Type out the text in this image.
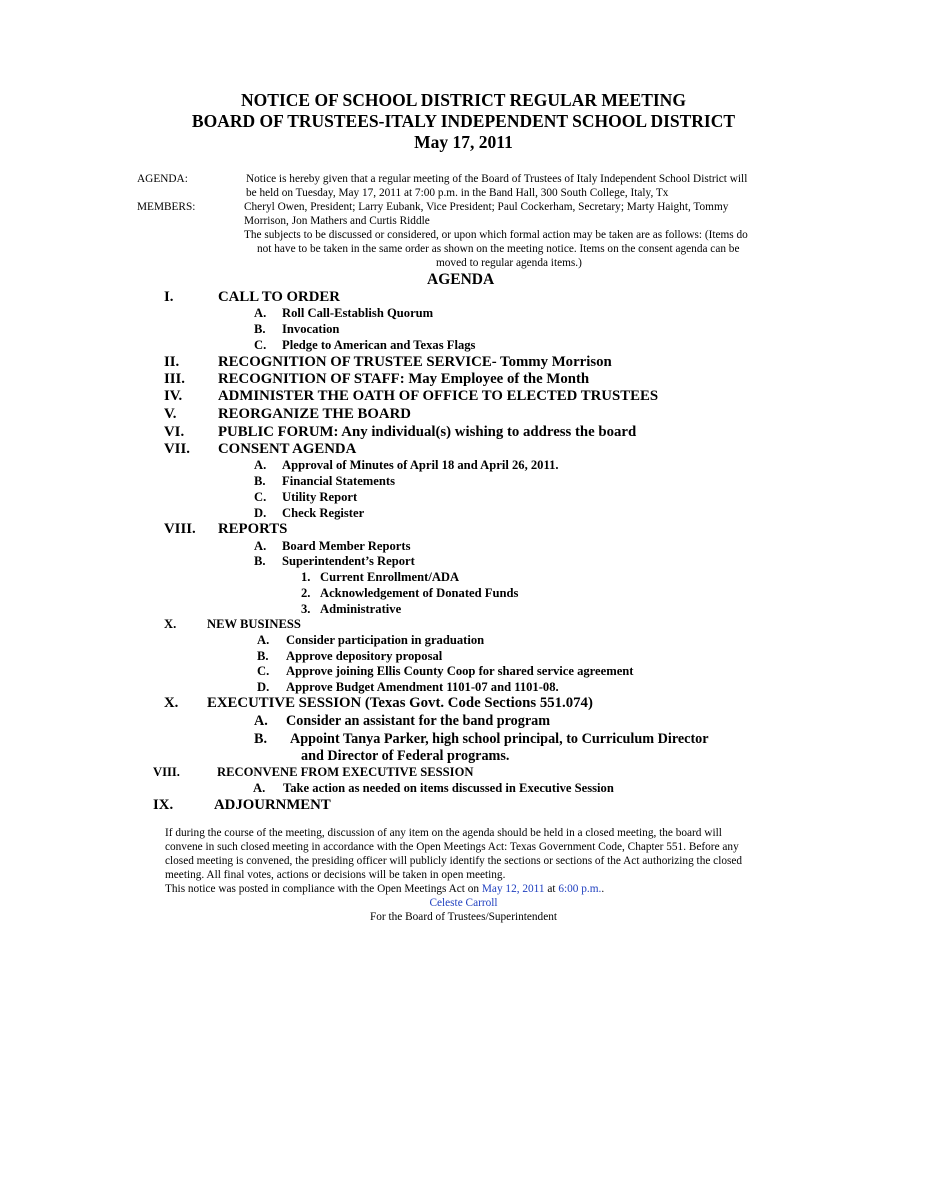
NOTICE OF SCHOOL DISTRICT REGULAR MEETING
BOARD OF TRUSTEES-ITALY INDEPENDENT SCHOOL DISTRICT
May 17, 2011
AGENDA:	Notice is hereby given that a regular meeting of the Board of Trustees of Italy Independent School District will
be held on Tuesday, May 17, 2011 at 7:00 p.m. in the Band Hall, 300 South College, Italy, Tx
MEMBERS:	Cheryl Owen, President; Larry Eubank, Vice President; Paul Cockerham, Secretary; Marty Haight, Tommy
Morrison, Jon Mathers and Curtis Riddle
The subjects to be discussed or considered, or upon which formal action may be taken are as follows: (Items do
not have to be taken in the same order as shown on the meeting notice. Items on the consent agenda can be
moved to regular agenda items.)
AGENDA
I.	CALL TO ORDER
A. Roll Call-Establish Quorum
B. Invocation
C. Pledge to American and Texas Flags
II.	RECOGNITION OF TRUSTEE SERVICE- Tommy Morrison
III. RECOGNITION OF STAFF: May Employee of the Month
IV. ADMINISTER THE OATH OF OFFICE TO ELECTED TRUSTEES
V.	REORGANIZE THE BOARD
VI. PUBLIC FORUM: Any individual(s) wishing to address the board
VII. CONSENT AGENDA
A. Approval of Minutes of April 18 and April 26, 2011.
B. Financial Statements
C. Utility Report
D. Check Register
VIII. REPORTS
A. Board Member Reports
B. Superintendent’s Report
1. Current Enrollment/ADA
2. Acknowledgement of Donated Funds
3. Administrative
X. NEW BUSINESS
A. Consider participation in graduation
B. Approve depository proposal
C. Approve joining Ellis County Coop for shared service agreement
D. Approve Budget Amendment 1101-07 and 1101-08.
X. EXECUTIVE SESSION (Texas Govt. Code Sections 551.074)
A. Consider an assistant for the band program
B. Appoint Tanya Parker, high school principal, to Curriculum Director
and Director of Federal programs.
VIII.	RECONVENE FROM EXECUTIVE SESSION
A. Take action as needed on items discussed in Executive Session
IX.	ADJOURNMENT
If during the course of the meeting, discussion of any item on the agenda should be held in a closed meeting, the board will
convene in such closed meeting in accordance with the Open Meetings Act: Texas Government Code, Chapter 551. Before any
closed meeting is convened, the presiding officer will publicly identify the sections or sections of the Act authorizing the closed
meeting. All final votes, actions or decisions will be taken in open meeting.
This notice was posted in compliance with the Open Meetings Act on May 12, 2011 at 6:00 p.m..
Celeste Carroll
For the Board of Trustees/Superintendent
